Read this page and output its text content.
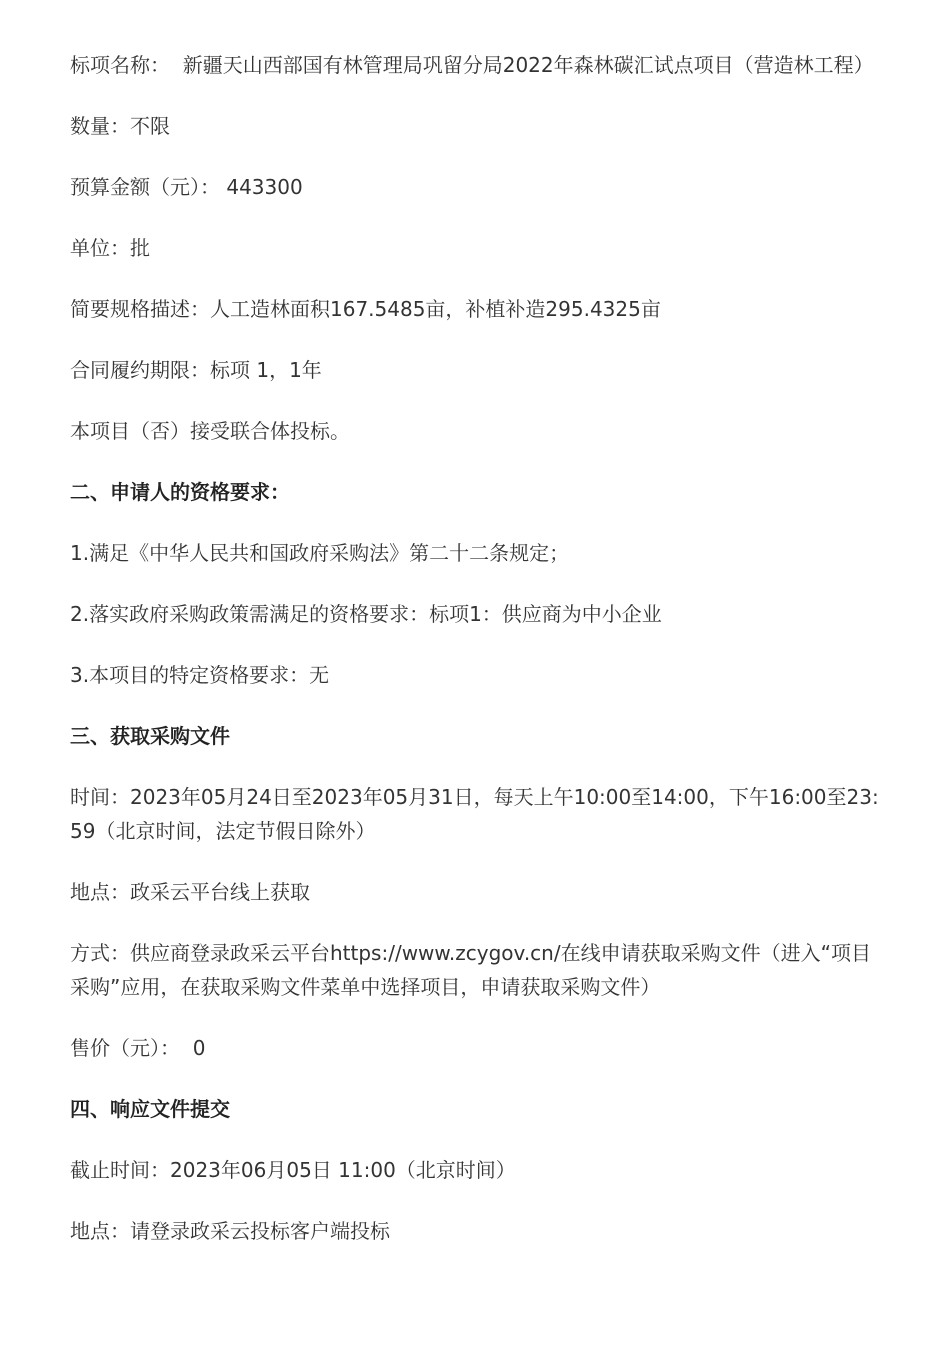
标项名称： 新疆天山西部国有林管理局巩留分局2022年森林碳汇试点项目（营造林工程）

数量：不限

预算金额（元）： 443300

单位：批

简要规格描述：人工造林面积167.5485亩，补植补造295.4325亩

合同履约期限：标项 1，1年

本项目（否）接受联合体投标。

二、申请人的资格要求：

1.满足《中华人民共和国政府采购法》第二十二条规定；

2.落实政府采购政策需满足的资格要求：标项1：供应商为中小企业

3.本项目的特定资格要求：无

三、获取采购文件

时间：2023年05月24日至2023年05月31日，每天上午10:00至14:00，下午16:00至23:59（北京时间，法定节假日除外）

地点：政采云平台线上获取

方式：供应商登录政采云平台https://www.zcygov.cn/在线申请获取采购文件（进入“项目采购”应用，在获取采购文件菜单中选择项目，申请获取采购文件）

售价（元）： 0

四、响应文件提交

截止时间：2023年06月05日 11:00（北京时间）

地点：请登录政采云投标客户端投标
